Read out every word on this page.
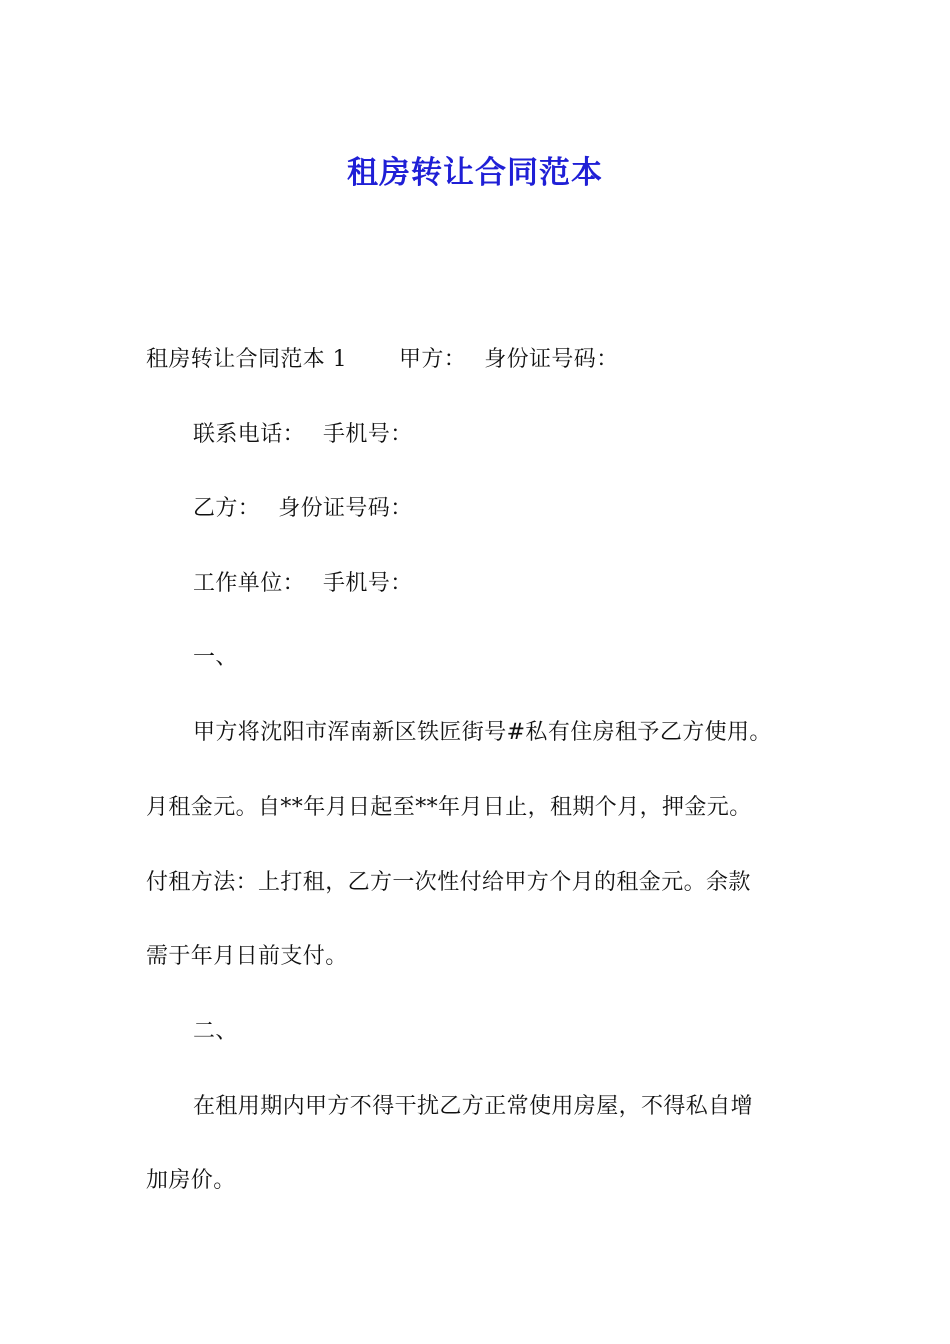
租房转让合同范本
租房转让合同范本 1 甲方： 身份证号码：
联系电话： 手机号：
乙方： 身份证号码：
工作单位： 手机号：
一、
甲方将沈阳市浑南新区铁匠街号#私有住房租予乙方使用。
月租金元。自**年月日起至**年月日止，租期个月，押金元。
付租方法：上打租，乙方一次性付给甲方个月的租金元。余款
需于年月日前支付。
二、
在租用期内甲方不得干扰乙方正常使用房屋，不得私自增
加房价。
